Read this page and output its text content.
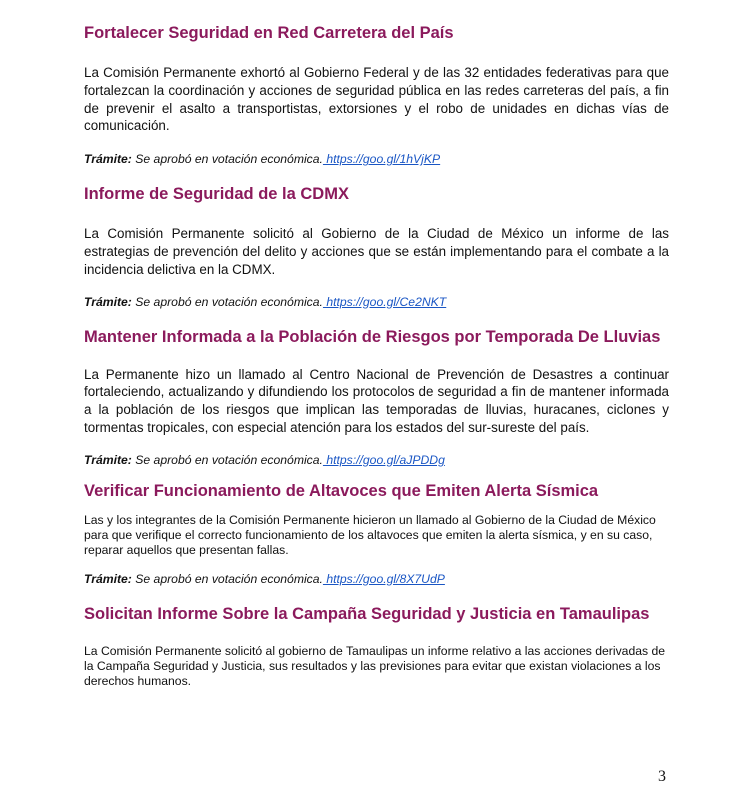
Fortalecer Seguridad en Red Carretera del País

La Comisión Permanente exhortó al Gobierno Federal y de las 32 entidades federativas para que fortalezcan la coordinación y acciones de seguridad pública en las redes carreteras del país, a fin de prevenir el asalto a transportistas, extorsiones y el robo de unidades en dichas vías de comunicación.

Trámite: Se aprobó en votación económica. https://goo.gl/1hVjKP

Informe de Seguridad de la CDMX

La Comisión Permanente solicitó al Gobierno de la Ciudad de México un informe de las estrategias de prevención del delito y acciones que se están implementando para el combate a la incidencia delictiva en la CDMX.

Trámite: Se aprobó en votación económica. https://goo.gl/Ce2NKT

Mantener Informada a la Población de Riesgos por Temporada De Lluvias

La Permanente hizo un llamado al Centro Nacional de Prevención de Desastres a continuar fortaleciendo, actualizando y difundiendo los protocolos de seguridad a fin de mantener informada a la población de los riesgos que implican las temporadas de lluvias, huracanes, ciclones y tormentas tropicales, con especial atención para los estados del sur-sureste del país.

Trámite: Se aprobó en votación económica. https://goo.gl/aJPDDg

Verificar Funcionamiento de Altavoces que Emiten Alerta Sísmica

Las y los integrantes de la Comisión Permanente hicieron un llamado al Gobierno de la Ciudad de México para que verifique el correcto funcionamiento de los altavoces que emiten la alerta sísmica, y en su caso, reparar aquellos que presentan fallas.

Trámite: Se aprobó en votación económica. https://goo.gl/8X7UdP

Solicitan Informe Sobre la Campaña Seguridad y Justicia en Tamaulipas

La Comisión Permanente solicitó al gobierno de Tamaulipas un informe relativo a las acciones derivadas de la Campaña Seguridad y Justicia, sus resultados y las previsiones para evitar que existan violaciones a los derechos humanos.

3
